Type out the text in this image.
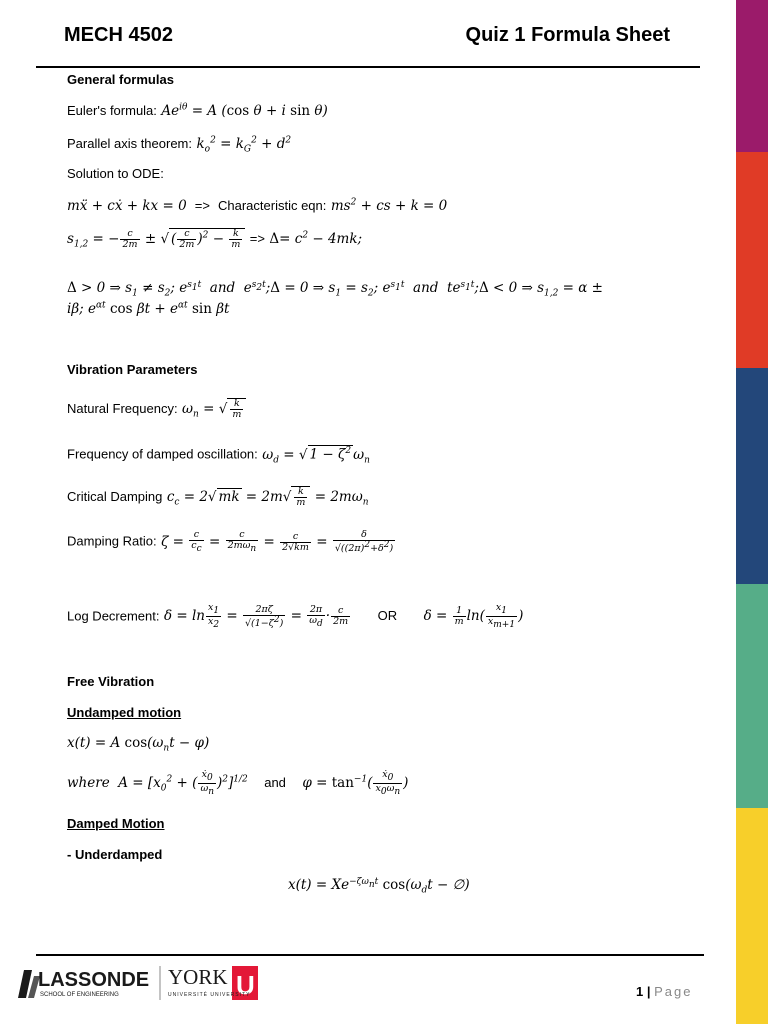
MECH 4502	Quiz 1 Formula Sheet
General formulas
Euler's formula: $Ae^{i\theta} = A$ (cos θ + i sin θ)
Parallel axis theorem: $k_o^2 = k_G^2 + d^2$
Solution to ODE:
mẍ + cẋ + kx = 0  =>  Characteristic eqn: $ms^2$ + cs + k = 0
$s_{1,2}$ = − $\frac{c}{2m}$ ± √ ( $\frac{c}{2m} )^2 - \frac{k}{m} => \Delta= c^2 - 4mk$;
Δ > 0 ⇒ $s_1 \ne s_2$; $e^{s_1t}$  and  $e^{s_2t};\Delta = 0$ ⇒ $s_1 = s_2$; $e^{s_1t}$  and  $te^{s_1t};\Delta < 0$ ⇒ $s_{1,2} = \alpha$ ±
iβ; $e^{\alpha t}$ $\cos \beta t + e^{\alpha t}$ sin βt
Vibration Parameters
Natural Frequency: $\omega_n$ = √ $\frac{k}{m}$
Frequency of damped oscillation: $\omega_d$ = √ $1 - \zeta^2$ $\omega_n$
Critical Damping $c_c = 2√$ mk = $2m√ \frac{k}{m} = 2m\omega_n$
Damping Ratio: $\zeta = \frac{c}{c_c} = \frac{c}{2m\omega_n} = \frac{c}{2√km} = \frac{\delta}{√((2\pi)^2+\delta^2)}$
Log Decrement: $\delta = \ln \frac{x_1}{x_2} = \frac{2\pi\zeta}{√(1-\zeta^2)} = \frac{2\pi}{\omega_d} \cdot \frac{c}{2m}$ OR $\delta = \frac{1}{m} \ln( \frac{x_1}{x_{m+1}}$ )
Free Vibration
Undamped motion
x(t) = A $\cos(\omega_nt - \varphi)$
where  $A = [x_0^2$ + ( $\frac{ẋ_0}{\omega_n} )^2]^{1/2}$ and $\varphi = \tan^{-1}( \frac{ẋ_0}{x_0\omega_n}$ )
Damped Motion
- Underdamped
$x(t) = Xe^{-\zeta\omega_nt}$ $\cos(\omega_dt$ − ∅)
LASSONDE
SCHOOL OF ENGINEERING
YORK U
UNIVERSITÉ UNIVERSITY	1 | Page
